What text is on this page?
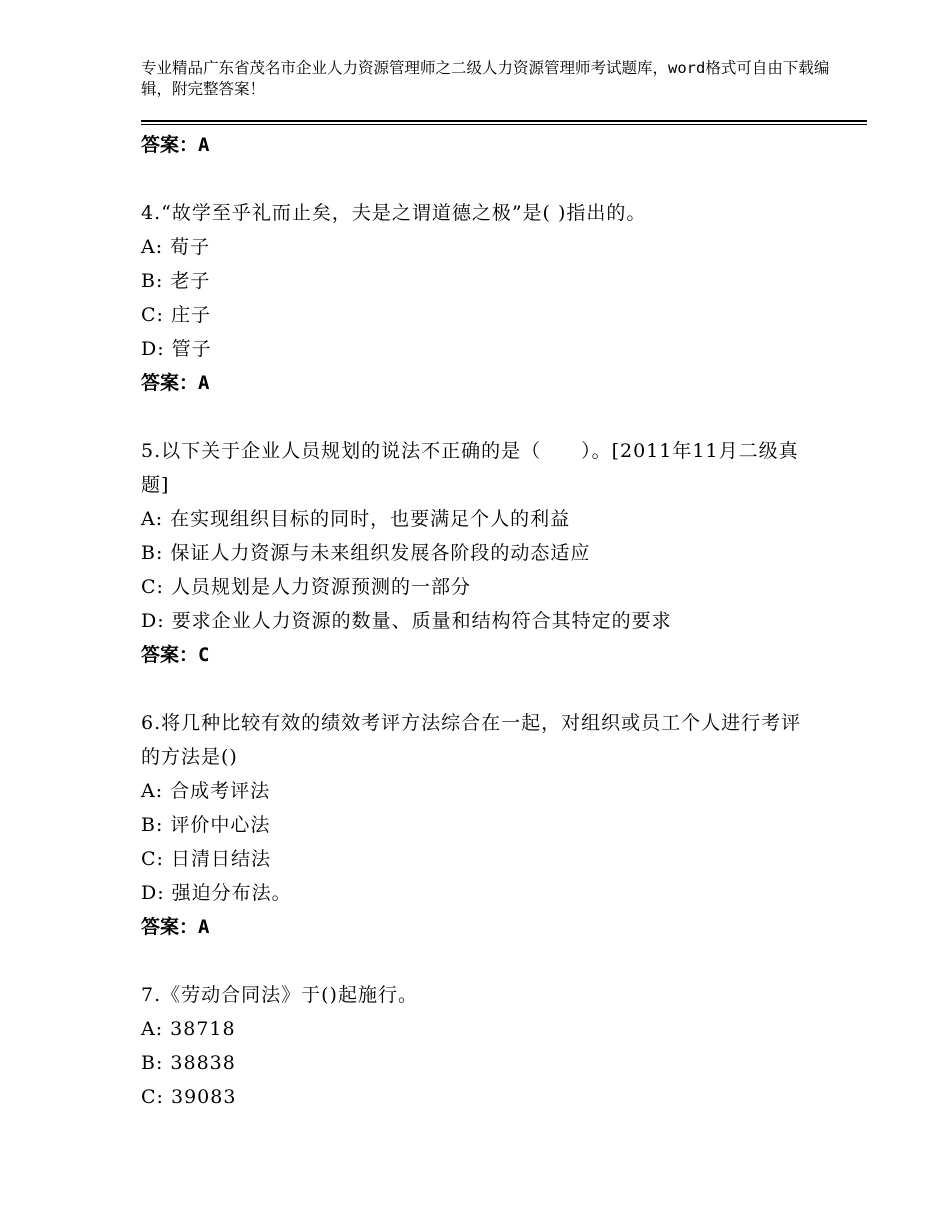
专业精品广东省茂名市企业人力资源管理师之二级人力资源管理师考试题库，word格式可自由下载编辑，附完整答案！
答案：A
4.“故学至乎礼而止矣，夫是之谓道德之极”是( )指出的。
A: 荀子
B: 老子
C: 庄子
D: 管子
答案：A
5.以下关于企业人员规划的说法不正确的是（　　）。[2011年11月二级真题]
A: 在实现组织目标的同时，也要满足个人的利益
B: 保证人力资源与未来组织发展各阶段的动态适应
C: 人员规划是人力资源预测的一部分
D: 要求企业人力资源的数量、质量和结构符合其特定的要求
答案：C
6.将几种比较有效的绩效考评方法综合在一起，对组织或员工个人进行考评的方法是()
A: 合成考评法
B: 评价中心法
C: 日清日结法
D: 强迫分布法。
答案：A
7.《劳动合同法》于()起施行。
A: 38718
B: 38838
C: 39083
